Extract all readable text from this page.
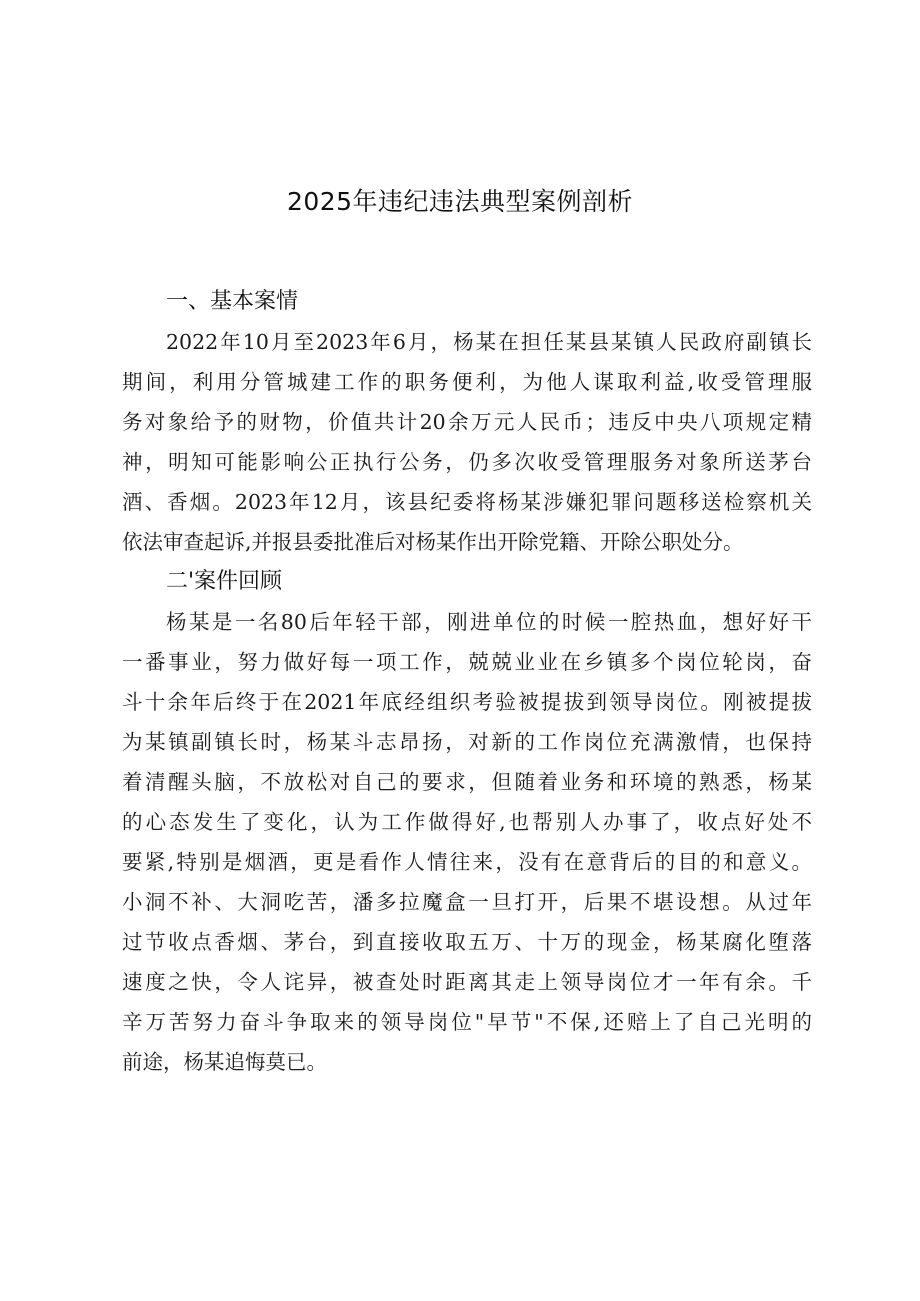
2025年违纪违法典型案例剖析
一、基本案情
2022年10月至2023年6月，杨某在担任某县某镇人民政府副镇长
期间，利用分管城建工作的职务便利，为他人谋取利益,收受管理服
务对象给予的财物，价值共计20余万元人民币；违反中央八项规定精
神，明知可能影响公正执行公务，仍多次收受管理服务对象所送茅台
酒、香烟。2023年12月，该县纪委将杨某涉嫌犯罪问题移送检察机关
依法审查起诉,并报县委批准后对杨某作出开除党籍、开除公职处分。
二'案件回顾
杨某是一名80后年轻干部，刚进单位的时候一腔热血，想好好干
一番事业，努力做好每一项工作，兢兢业业在乡镇多个岗位轮岗，奋
斗十余年后终于在2021年底经组织考验被提拔到领导岗位。刚被提拔
为某镇副镇长时，杨某斗志昂扬，对新的工作岗位充满激情，也保持
着清醒头脑，不放松对自己的要求，但随着业务和环境的熟悉，杨某
的心态发生了变化，认为工作做得好,也帮别人办事了，收点好处不
要紧,特别是烟酒，更是看作人情往来，没有在意背后的目的和意义。
小洞不补、大洞吃苦，潘多拉魔盒一旦打开，后果不堪设想。从过年
过节收点香烟、茅台，到直接收取五万、十万的现金，杨某腐化堕落
速度之快，令人诧异，被查处时距离其走上领导岗位才一年有余。千
辛万苦努力奋斗争取来的领导岗位"早节"不保,还赔上了自己光明的
前途，杨某追悔莫已。
